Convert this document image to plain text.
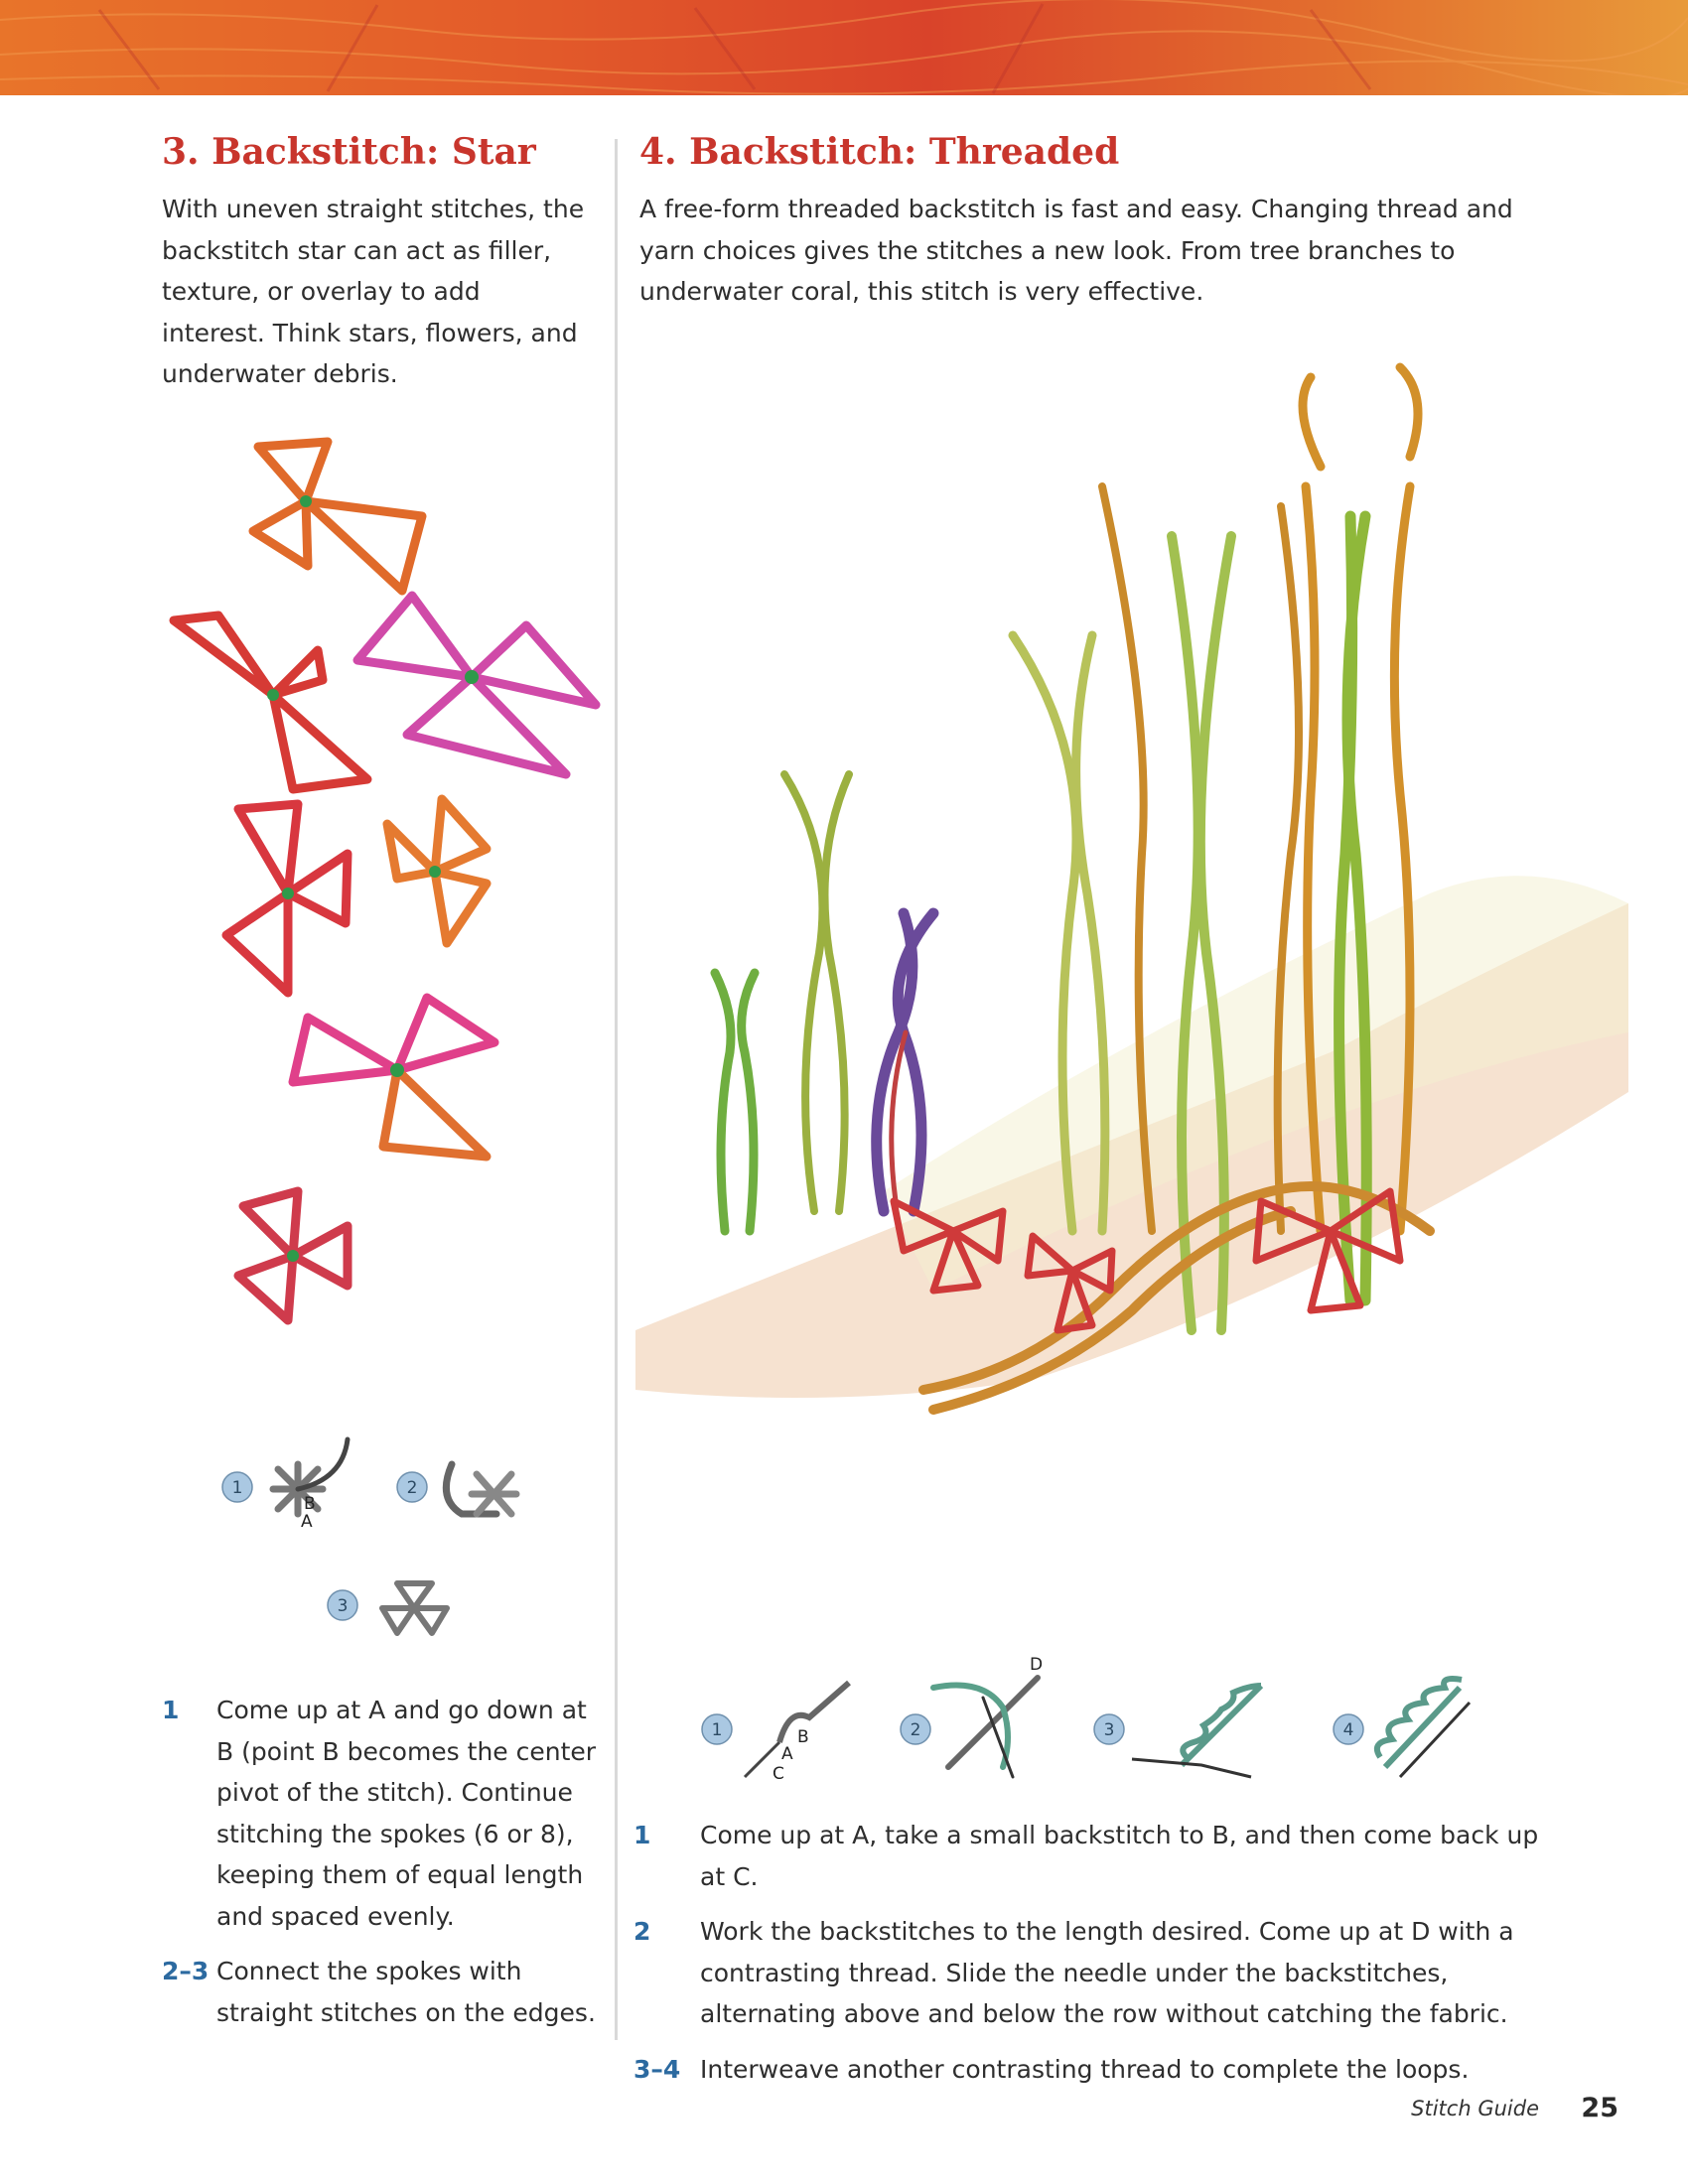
3. Backstitch: Star

With uneven straight stitches, the backstitch star can act as filler, texture, or overlay to add interest. Think stars, flowers, and underwater debris.

1
B
A
2
3
1 Come up at A and go down at B (point B becomes the center pivot of the stitch). Continue stitching the spokes (6 or 8), keeping them of equal length and spaced evenly.
2–3 Connect the spokes with straight stitches on the edges.
4. Backstitch: Threaded

A free-form threaded backstitch is fast and easy. Changing thread and yarn choices gives the stitches a new look. From tree branches to underwater coral, this stitch is very effective.

1
A
B
C
2
D
3	4
1 Come up at A, take a small backstitch to B, and then come back up at C.
2 Work the backstitches to the length desired. Come up at D with a contrasting thread. Slide the needle under the backstitches, alternating above and below the row without catching the fabric.
3–4 Interweave another contrasting thread to complete the loops.
Stitch Guide 25
